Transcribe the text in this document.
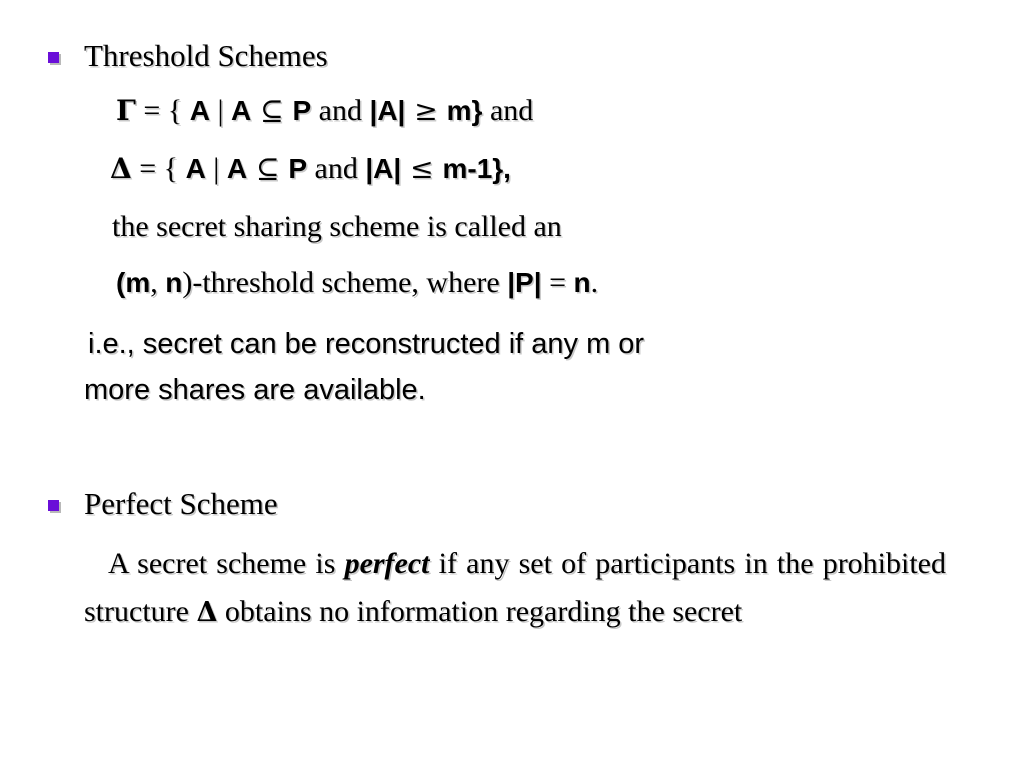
Threshold Schemes
Γ = { A | A ⊆ P and |A| ≥ m} and
Δ = { A | A ⊆ P and |A| ≤ m-1},
the secret sharing scheme is called an
(m, n)-threshold scheme, where |P| = n.
i.e., secret can be reconstructed if any m or
more shares are available.
Perfect Scheme
A secret scheme is perfect if any set of participants in the prohibited structure Δ obtains no information regarding the secret
